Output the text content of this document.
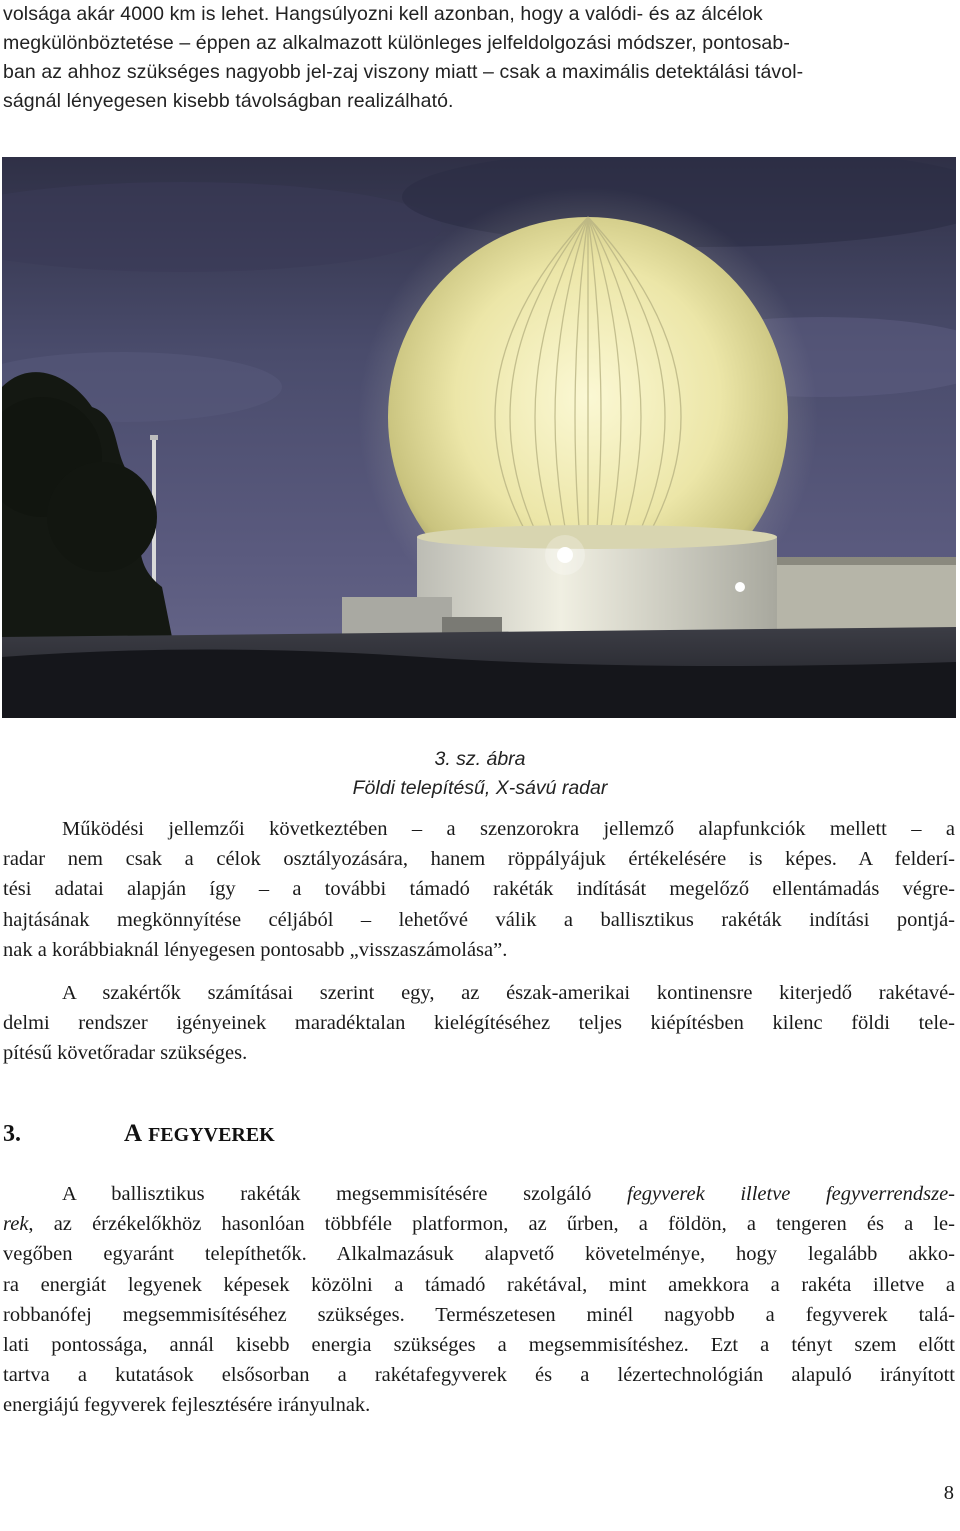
volsága akár 4000 km is lehet. Hangsúlyozni kell azonban, hogy a valódi- és az álcélok
megkülönböztetése – éppen az alkalmazott különleges jelfeldolgozási módszer, pontosab-
ban az ahhoz szükséges nagyobb jel-zaj viszony miatt – csak a maximális detektálási távol-
ságnál lényegesen kisebb távolságban realizálható.
3. sz. ábra
Földi telepítésű, X-sávú radar
Működési jellemzői következtében – a szenzorokra jellemző alapfunkciók mellett – a
radar nem csak a célok osztályozására, hanem röppályájuk értékelésére is képes. A felderí-
tési adatai alapján így – a további támadó rakéták indítását megelőző ellentámadás végre-
hajtásának megkönnyítése céljából – lehetővé válik a ballisztikus rakéták indítási pontjá-
nak a korábbiaknál lényegesen pontosabb „visszaszámolása”.
A szakértők számításai szerint egy, az észak-amerikai kontinensre kiterjedő rakétavé-
delmi rendszer igényeinek maradéktalan kielégítéséhez teljes kiépítésben kilenc földi tele-
pítésű követőradar szükséges.
3.	A FEGYVEREK
A ballisztikus rakéták megsemmisítésére szolgáló fegyverek illetve fegyverrendsze-
rek, az érzékelőkhöz hasonlóan többféle platformon, az űrben, a földön, a tengeren és a le-
vegőben egyaránt telepíthetők. Alkalmazásuk alapvető követelménye, hogy legalább akko-
ra energiát legyenek képesek közölni a támadó rakétával, mint amekkora a rakéta illetve a
robbanófej megsemmisítéséhez szükséges. Természetesen minél nagyobb a fegyverek talá-
lati pontossága, annál kisebb energia szükséges a megsemmisítéshez. Ezt a tényt szem előtt
tartva a kutatások elsősorban a rakétafegyverek és a lézertechnológián alapuló irányított
energiájú fegyverek fejlesztésére irányulnak.
8
